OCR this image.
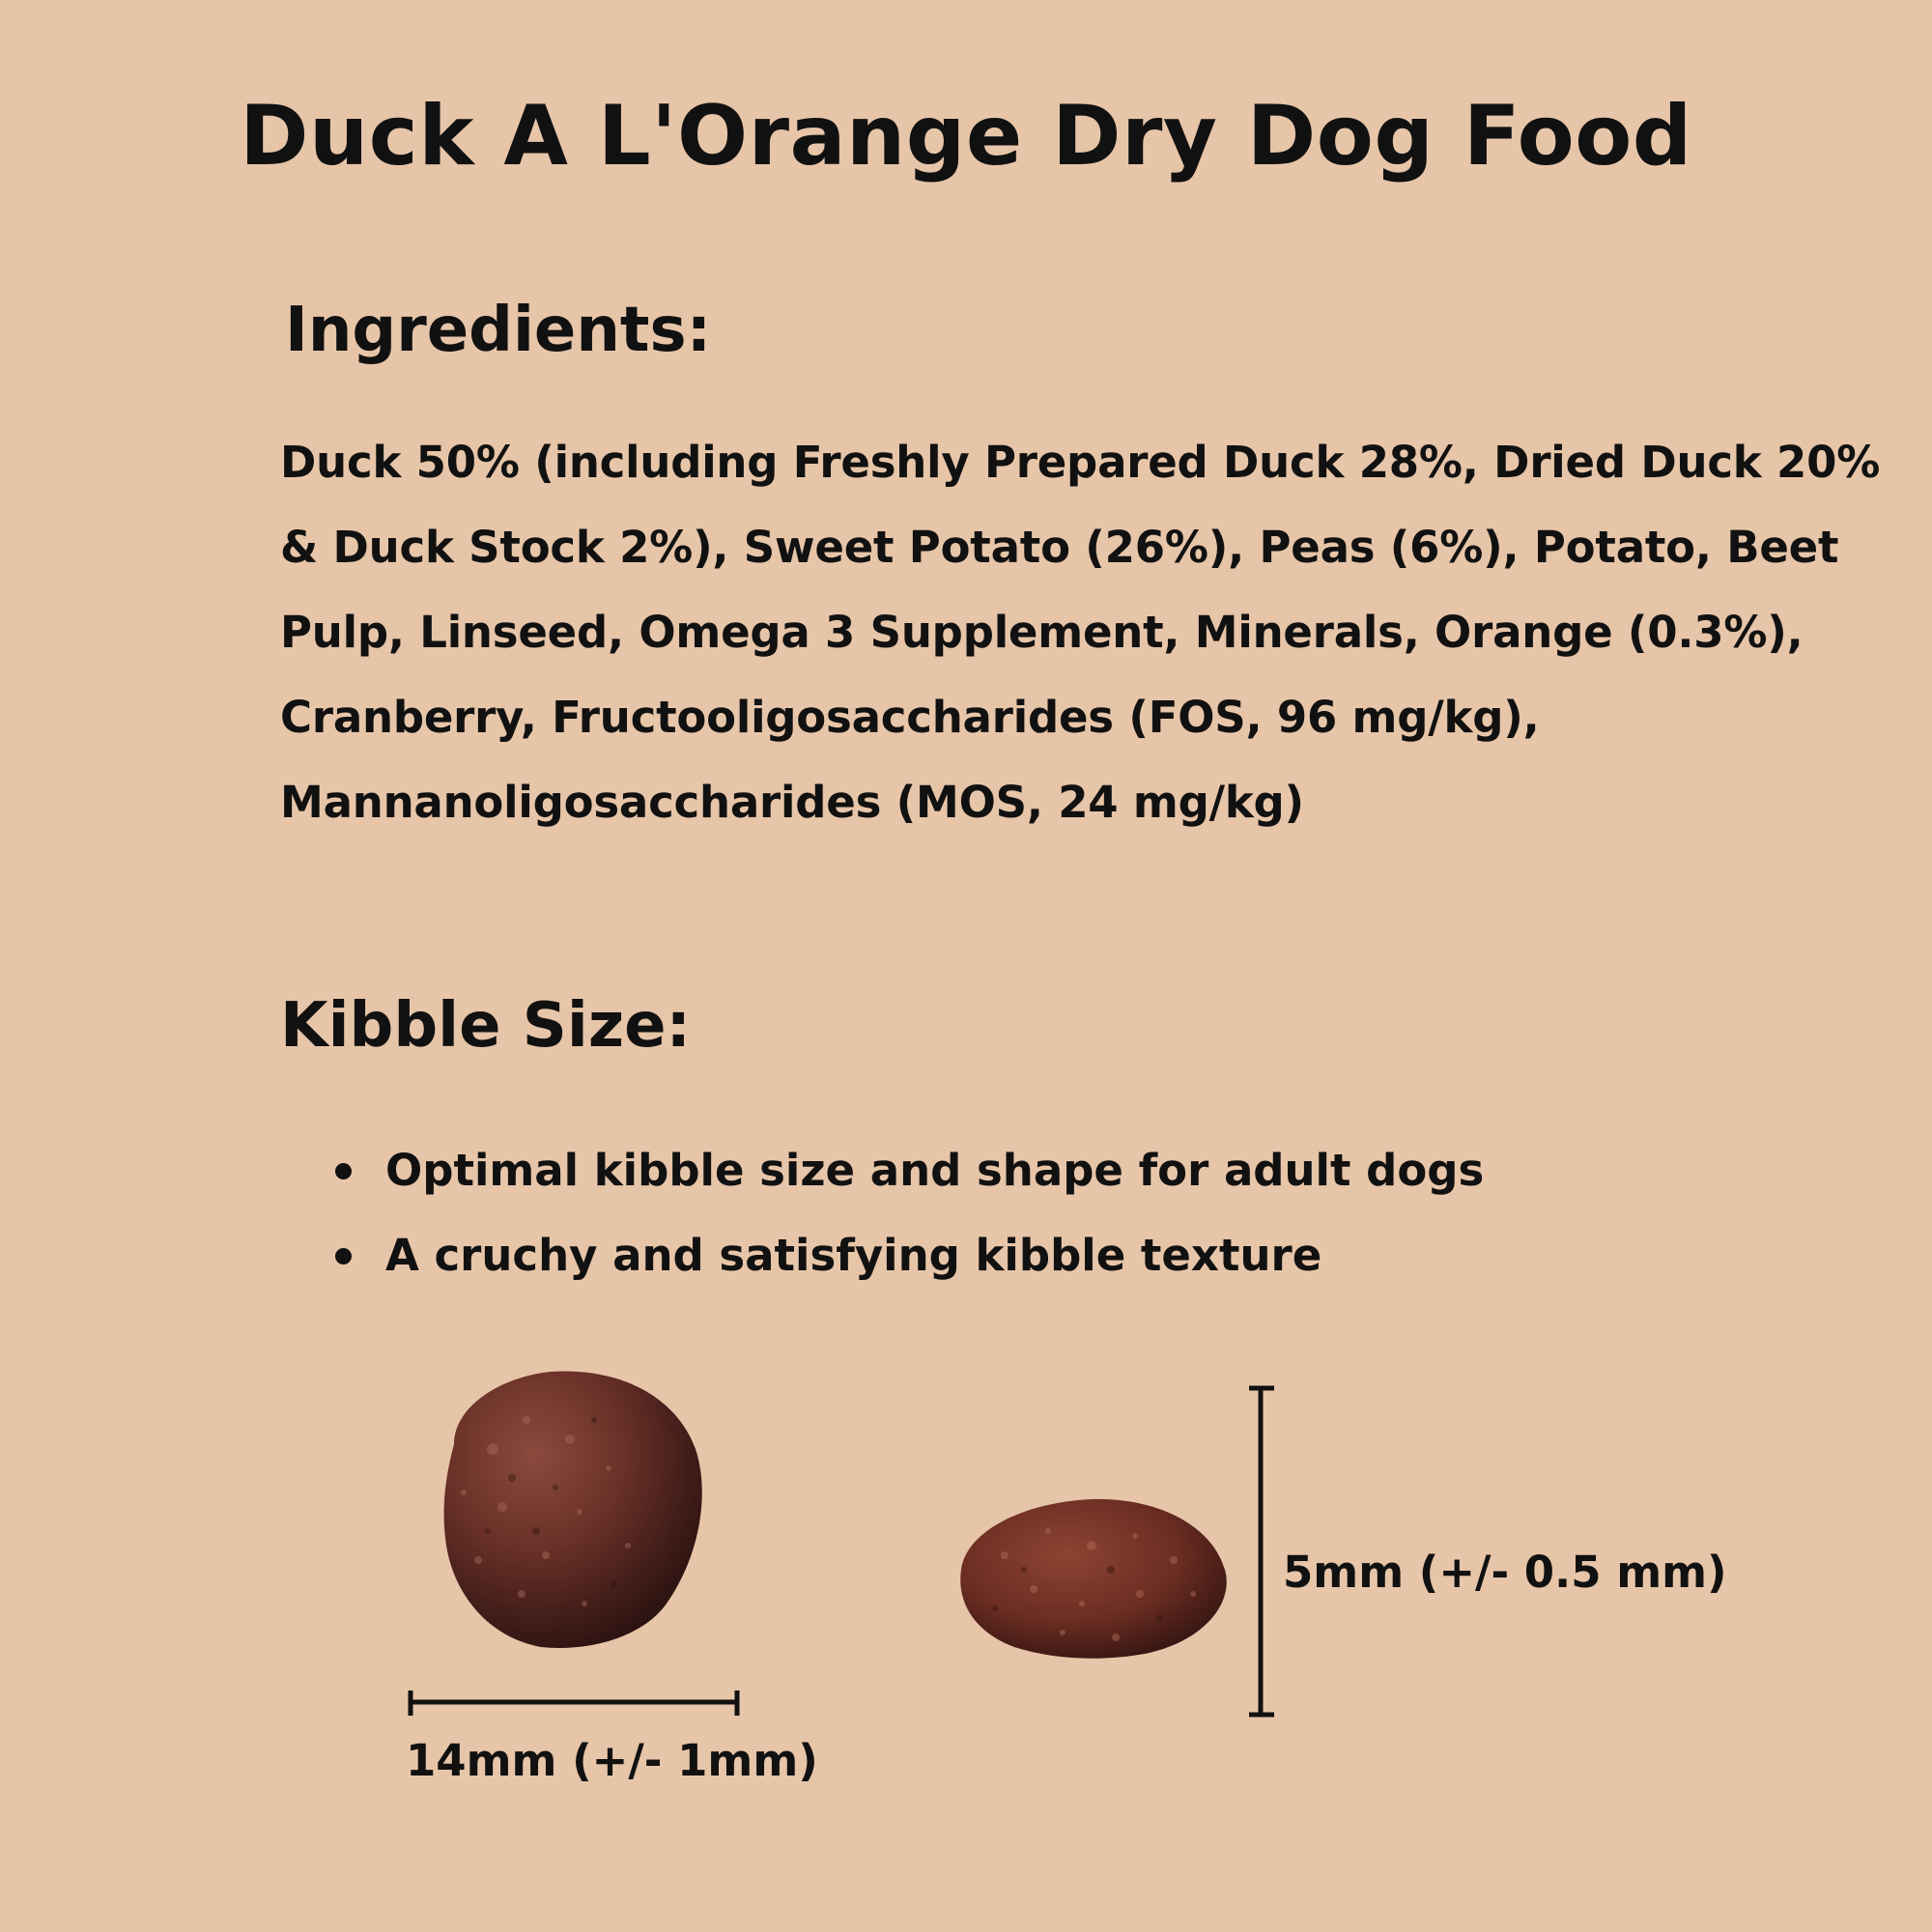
Duck A L'Orange Dry Dog Food
Ingredients:
Duck 50% (including Freshly Prepared Duck 28%, Dried Duck 20%
& Duck Stock 2%), Sweet Potato (26%), Peas (6%), Potato, Beet
Pulp, Linseed, Omega 3 Supplement, Minerals, Orange (0.3%),
Cranberry, Fructooligosaccharides (FOS, 96 mg/kg),
Mannanoligosaccharides (MOS, 24 mg/kg)
Kibble Size:
Optimal kibble size and shape for adult dogs
A cruchy and satisfying kibble texture
14mm (+/- 1mm)
5mm (+/- 0.5 mm)
